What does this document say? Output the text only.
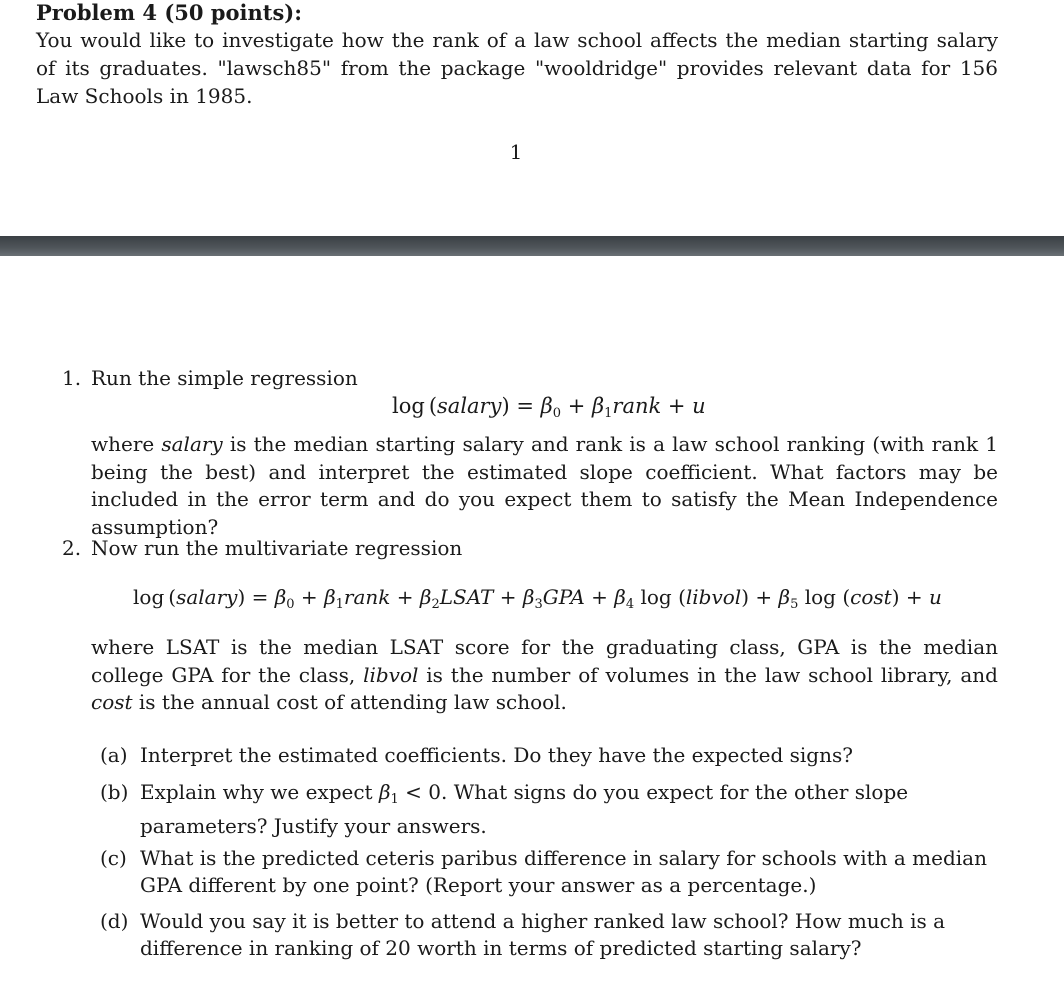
Problem 4 (50 points):
You would like to investigate how the rank of a law school affects the median starting salary of its graduates. "lawsch85" from the package "wooldridge" provides relevant data for 156 Law Schools in 1985.
1
1. Run the simple regression
log (salary) = $\beta_0$ + $\beta_1rank + u$
where salary is the median starting salary and rank is a law school ranking (with rank 1 being the best) and interpret the estimated slope coefficient. What factors may be included in the error term and do you expect them to satisfy the Mean Independence assumption?
2. Now run the multivariate regression
log (salary) = $\beta_0$ + $\beta_1rank$ + $\beta_2LSAT + \beta_3GPA + \beta_4$ log (libvol) + $\beta_5$ log (cost) + u
where LSAT is the median LSAT score for the graduating class, GPA is the median college GPA for the class, libvol is the number of volumes in the law school library, and cost is the annual cost of attending law school.
(a) Interpret the estimated coefficients. Do they have the expected signs?
(b) Explain why we expect $\beta_1 < 0$. What signs do you expect for the other slope parameters? Justify your answers.
(c) What is the predicted ceteris paribus difference in salary for schools with a median GPA different by one point? (Report your answer as a percentage.)
(d) Would you say it is better to attend a higher ranked law school? How much is a difference in ranking of 20 worth in terms of predicted starting salary?
